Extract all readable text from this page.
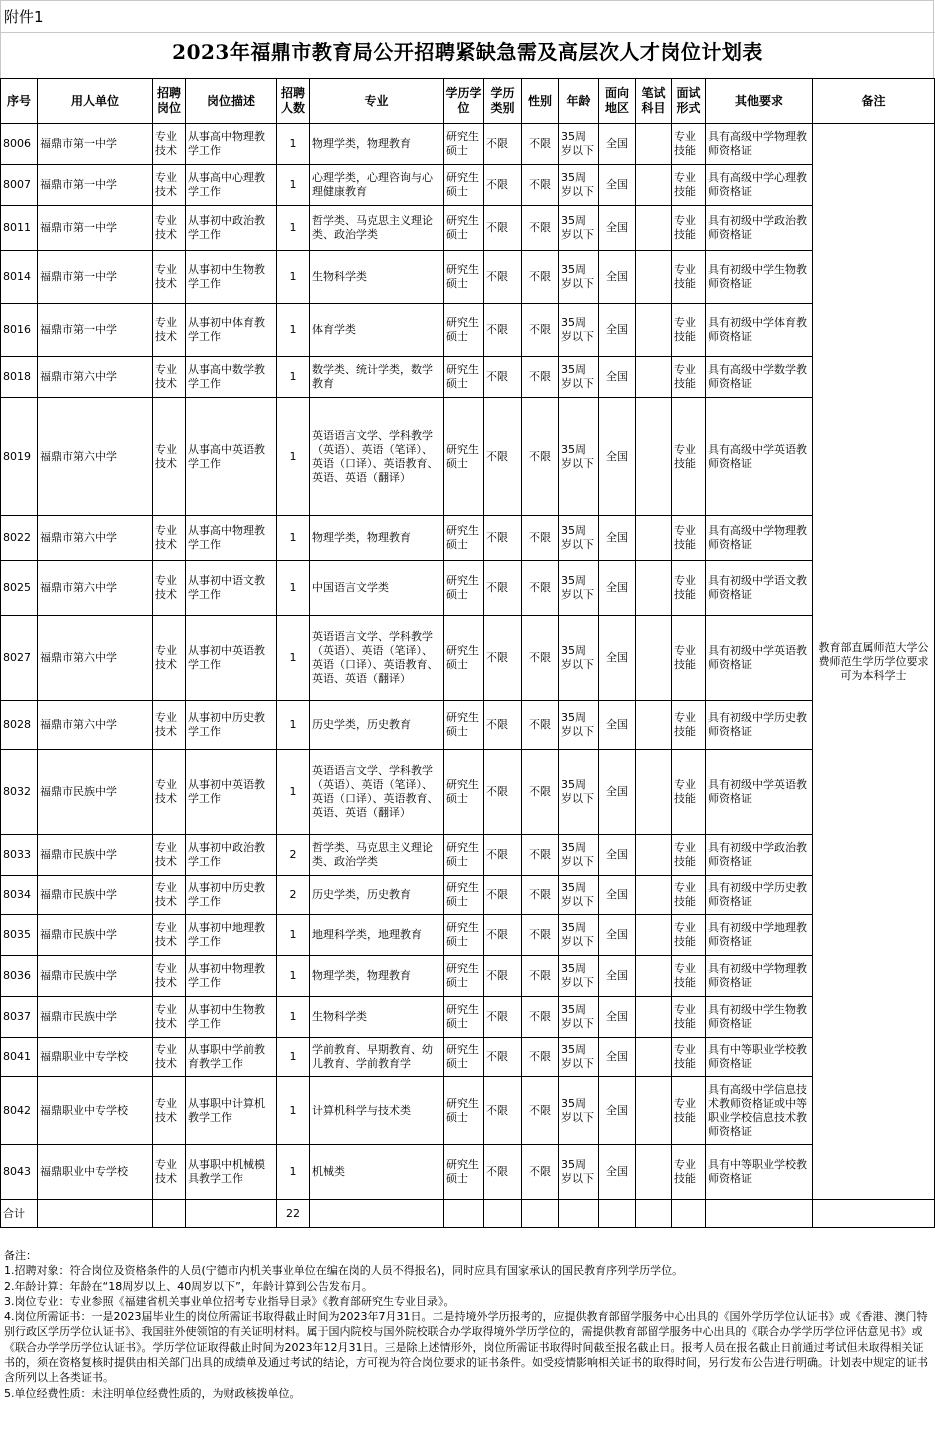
附件1
2023年福鼎市教育局公开招聘紧缺急需及高层次人才岗位计划表
序号	用人单位	招聘岗位	岗位描述	招聘人数	专业	学历学位	学历类别	性别	年龄	面向地区	笔试科目	面试形式	其他要求	备注
8006	福鼎市第一中学	专业技术	从事高中物理教学工作	1	物理学类，物理教育	研究生硕士	不限	不限	35周岁以下	全国		专业技能	具有高级中学物理教师资格证	教育部直属师范大学公费师范生学历学位要求可为本科学士
8007	福鼎市第一中学	专业技术	从事高中心理教学工作	1	心理学类，心理咨询与心理健康教育	研究生硕士	不限	不限	35周岁以下	全国		专业技能	具有高级中学心理教师资格证	
8011	福鼎市第一中学	专业技术	从事初中政治教学工作	1	哲学类、马克思主义理论类、政治学类	研究生硕士	不限	不限	35周岁以下	全国		专业技能	具有初级中学政治教师资格证	
8014	福鼎市第一中学	专业技术	从事初中生物教学工作	1	生物科学类	研究生硕士	不限	不限	35周岁以下	全国		专业技能	具有初级中学生物教师资格证	
8016	福鼎市第一中学	专业技术	从事初中体育教学工作	1	体育学类	研究生硕士	不限	不限	35周岁以下	全国		专业技能	具有初级中学体育教师资格证	
8018	福鼎市第六中学	专业技术	从事高中数学教学工作	1	数学类、统计学类，数学教育	研究生硕士	不限	不限	35周岁以下	全国		专业技能	具有高级中学数学教师资格证	
8019	福鼎市第六中学	专业技术	从事高中英语教学工作	1	英语语言文学、学科教学（英语）、英语（笔译）、英语（口译）、英语教育、英语、英语（翻译）	研究生硕士	不限	不限	35周岁以下	全国		专业技能	具有高级中学英语教师资格证	
8022	福鼎市第六中学	专业技术	从事高中物理教学工作	1	物理学类，物理教育	研究生硕士	不限	不限	35周岁以下	全国		专业技能	具有高级中学物理教师资格证	
8025	福鼎市第六中学	专业技术	从事初中语文教学工作	1	中国语言文学类	研究生硕士	不限	不限	35周岁以下	全国		专业技能	具有初级中学语文教师资格证	
8027	福鼎市第六中学	专业技术	从事初中英语教学工作	1	英语语言文学、学科教学（英语）、英语（笔译）、英语（口译）、英语教育、英语、英语（翻译）	研究生硕士	不限	不限	35周岁以下	全国		专业技能	具有初级中学英语教师资格证	
8028	福鼎市第六中学	专业技术	从事初中历史教学工作	1	历史学类，历史教育	研究生硕士	不限	不限	35周岁以下	全国		专业技能	具有初级中学历史教师资格证	
8032	福鼎市民族中学	专业技术	从事初中英语教学工作	1	英语语言文学、学科教学（英语）、英语（笔译）、英语（口译）、英语教育、英语、英语（翻译）	研究生硕士	不限	不限	35周岁以下	全国		专业技能	具有初级中学英语教师资格证	
8033	福鼎市民族中学	专业技术	从事初中政治教学工作	2	哲学类、马克思主义理论类、政治学类	研究生硕士	不限	不限	35周岁以下	全国		专业技能	具有初级中学政治教师资格证	
8034	福鼎市民族中学	专业技术	从事初中历史教学工作	2	历史学类，历史教育	研究生硕士	不限	不限	35周岁以下	全国		专业技能	具有初级中学历史教师资格证	
8035	福鼎市民族中学	专业技术	从事初中地理教学工作	1	地理科学类，地理教育	研究生硕士	不限	不限	35周岁以下	全国		专业技能	具有初级中学地理教师资格证	
8036	福鼎市民族中学	专业技术	从事初中物理教学工作	1	物理学类，物理教育	研究生硕士	不限	不限	35周岁以下	全国		专业技能	具有初级中学物理教师资格证	
8037	福鼎市民族中学	专业技术	从事初中生物教学工作	1	生物科学类	研究生硕士	不限	不限	35周岁以下	全国		专业技能	具有初级中学生物教师资格证	
8041	福鼎职业中专学校	专业技术	从事职中学前教育教学工作	1	学前教育、早期教育、幼儿教育、学前教育学	研究生硕士	不限	不限	35周岁以下	全国		专业技能	具有中等职业学校教师资格证	
8042	福鼎职业中专学校	专业技术	从事职中计算机教学工作	1	计算机科学与技术类	研究生硕士	不限	不限	35周岁以下	全国		专业技能	具有高级中学信息技术教师资格证或中等职业学校信息技术教师资格证	
8043	福鼎职业中专学校	专业技术	从事职中机械模具教学工作	1	机械类	研究生硕士	不限	不限	35周岁以下	全国		专业技能	具有中等职业学校教师资格证	
合计				22										
备注：
1.招聘对象：符合岗位及资格条件的人员(宁德市内机关事业单位在编在岗的人员不得报名)，同时应具有国家承认的国民教育序列学历学位。
2.年龄计算：年龄在“18周岁以上、40周岁以下”，年龄计算到公告发布月。
3.岗位专业：专业参照《福建省机关事业单位招考专业指导目录》《教育部研究生专业目录》。
4.岗位所需证书：一是2023届毕业生的岗位所需证书取得截止时间为2023年7月31日。二是持境外学历报考的，应提供教育部留学服务中心出具的《国外学历学位认证书》或《香港、澳门特别行政区学历学位认证书》、我国驻外使领馆的有关证明材料。属于国内院校与国外院校联合办学取得境外学历学位的，需提供教育部留学服务中心出具的《联合办学学历学位评估意见书》或《联合办学学历学位认证书》。学历学位证取得截止时间为2023年12月31日。三是除上述情形外，岗位所需证书取得时间截至报名截止日。报考人员在报名截止日前通过考试但未取得相关证书的，须在资格复核时提供由相关部门出具的成绩单及通过考试的结论，方可视为符合岗位要求的证书条件。如受疫情影响相关证书的取得时间，另行发布公告进行明确。计划表中规定的证书含所列以上各类证书。
5.单位经费性质：未注明单位经费性质的，为财政核拨单位。
